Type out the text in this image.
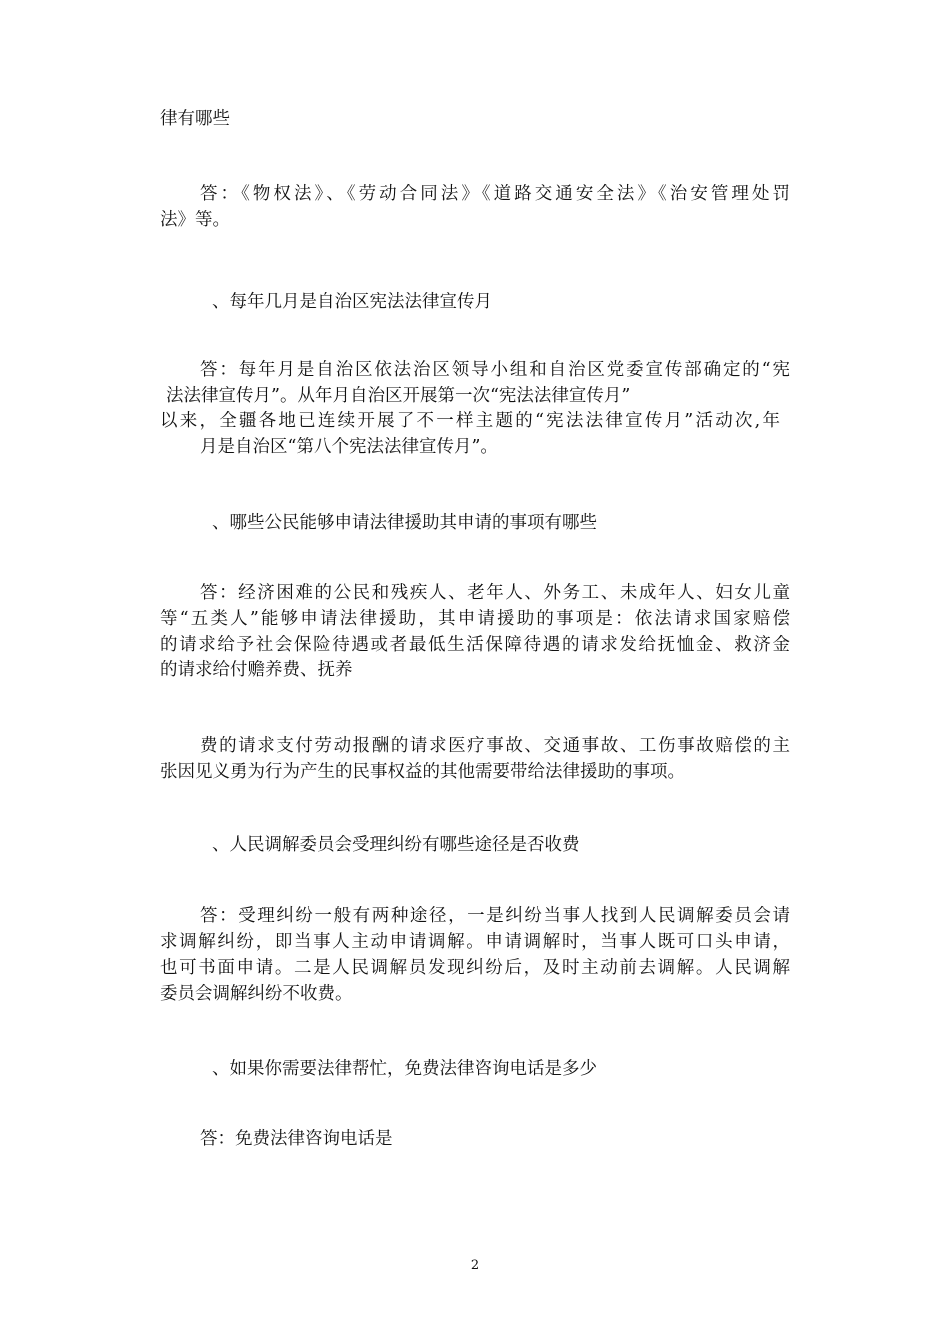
律有哪些
答：《物权法》、《劳动合同法》《道路交通安全法》《治安管理处罚
法》等。
、每年几月是自治区宪法法律宣传月
答：每年月是自治区依法治区领导小组和自治区党委宣传部确定的“宪
法法律宣传月”。从年月自治区开展第一次“宪法法律宣传月”
以来，全疆各地已连续开展了不一样主题的“宪法法律宣传月”活动次,年
月是自治区“第八个宪法法律宣传月”。
、哪些公民能够申请法律援助其申请的事项有哪些
答：经济困难的公民和残疾人、老年人、外务工、未成年人、妇女儿童
等“五类人”能够申请法律援助，其申请援助的事项是：依法请求国家赔偿
的请求给予社会保险待遇或者最低生活保障待遇的请求发给抚恤金、救济金
的请求给付赡养费、抚养
费的请求支付劳动报酬的请求医疗事故、交通事故、工伤事故赔偿的主
张因见义勇为行为产生的民事权益的其他需要带给法律援助的事项。
、人民调解委员会受理纠纷有哪些途径是否收费
答：受理纠纷一般有两种途径，一是纠纷当事人找到人民调解委员会请
求调解纠纷，即当事人主动申请调解。申请调解时，当事人既可口头申请，
也可书面申请。二是人民调解员发现纠纷后，及时主动前去调解。人民调解
委员会调解纠纷不收费。
、如果你需要法律帮忙，免费法律咨询电话是多少
答：免费法律咨询电话是
2
